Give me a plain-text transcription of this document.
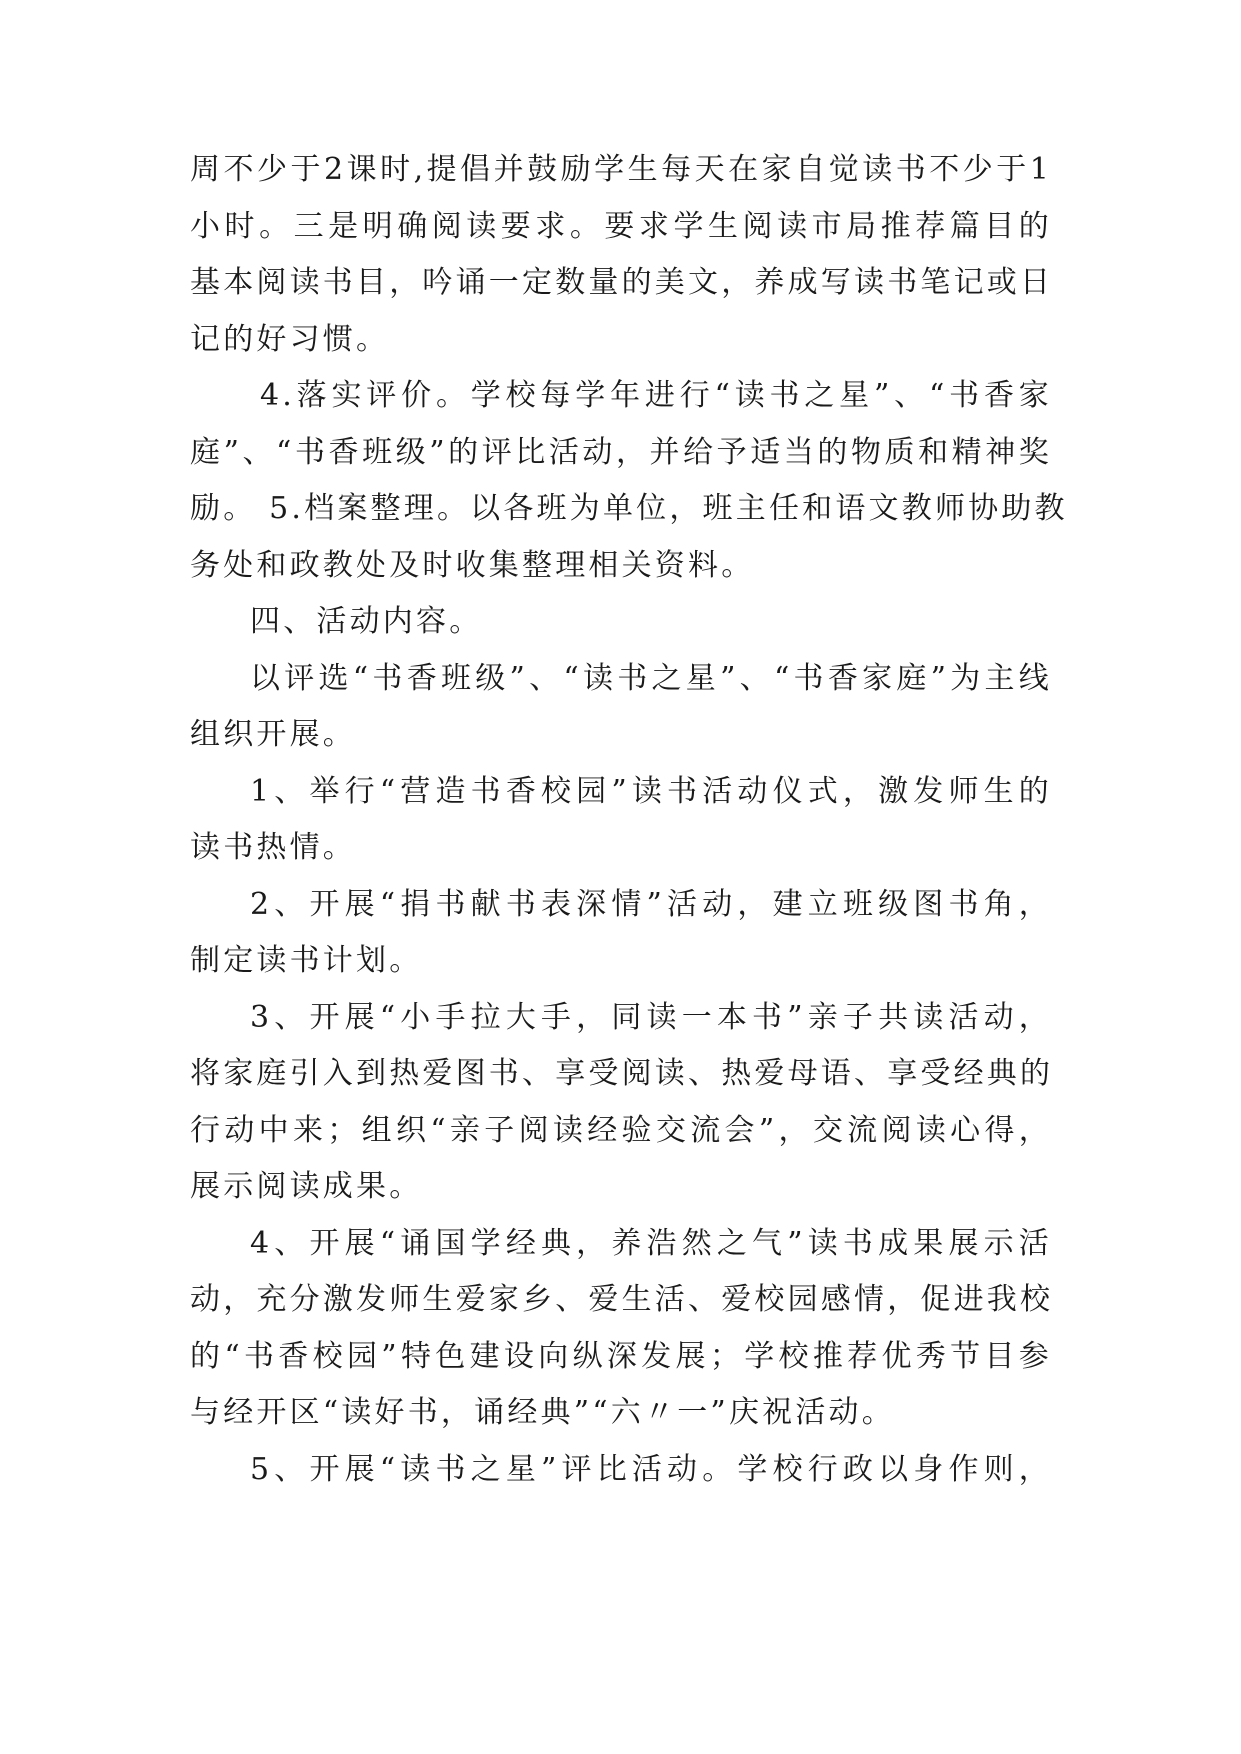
周不少于2课时,提倡并鼓励学生每天在家自觉读书不少于1
小时。三是明确阅读要求。要求学生阅读市局推荐篇目的
基本阅读书目，吟诵一定数量的美文，养成写读书笔记或日
记的好习惯。
4.落实评价。学校每学年进行“读书之星”、“书香家
庭”、“书香班级”的评比活动，并给予适当的物质和精神奖
励。 5.档案整理。以各班为单位，班主任和语文教师协助教
务处和政教处及时收集整理相关资料。
四、活动内容。
以评选“书香班级”、“读书之星”、“书香家庭”为主线
组织开展。
1、举行“营造书香校园”读书活动仪式，激发师生的
读书热情。
2、开展“捐书献书表深情”活动，建立班级图书角，
制定读书计划。
3、开展“小手拉大手，同读一本书”亲子共读活动，
将家庭引入到热爱图书、享受阅读、热爱母语、享受经典的
行动中来；组织“亲子阅读经验交流会”，交流阅读心得，
展示阅读成果。
4、开展“诵国学经典，养浩然之气”读书成果展示活
动，充分激发师生爱家乡、爱生活、爱校园感情，促进我校
的“书香校园”特色建设向纵深发展；学校推荐优秀节目参
与经开区“读好书，诵经典”“六〃一”庆祝活动。
5、开展“读书之星”评比活动。学校行政以身作则，
